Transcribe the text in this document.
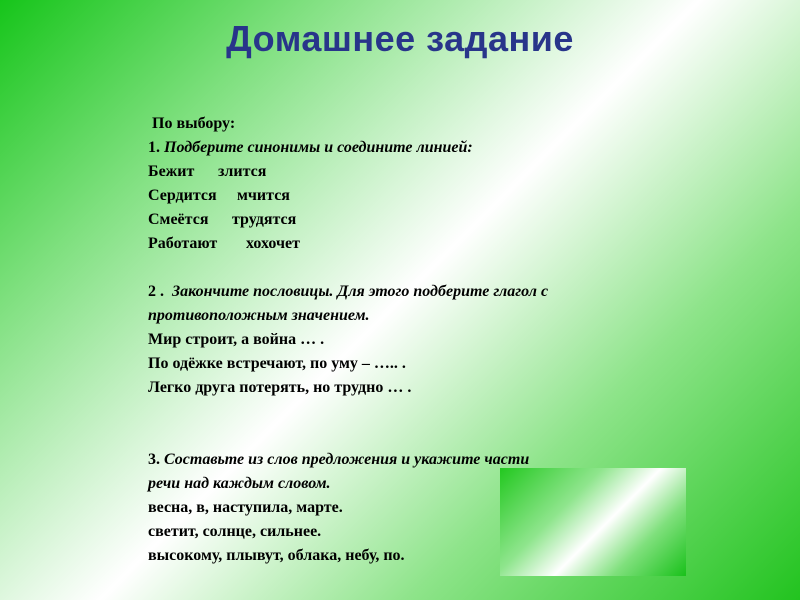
Домашнее задание
По выбору:
1. Подберите синонимы и соедините линией:
Бежит злится
Сердится мчится
Смеётся трудятся
Работают хохочет
2 . Закончите пословицы. Для этого подберите глагол с
противоположным значением.
Мир строит, а война … .
По одёжке встречают, по уму – ….. .
Легко друга потерять, но трудно … .
3. Составьте из слов предложения и укажите части
речи над каждым словом.
весна, в, наступила, марте.
светит, солнце, сильнее.
высокому, плывут, облака, небу, по.
